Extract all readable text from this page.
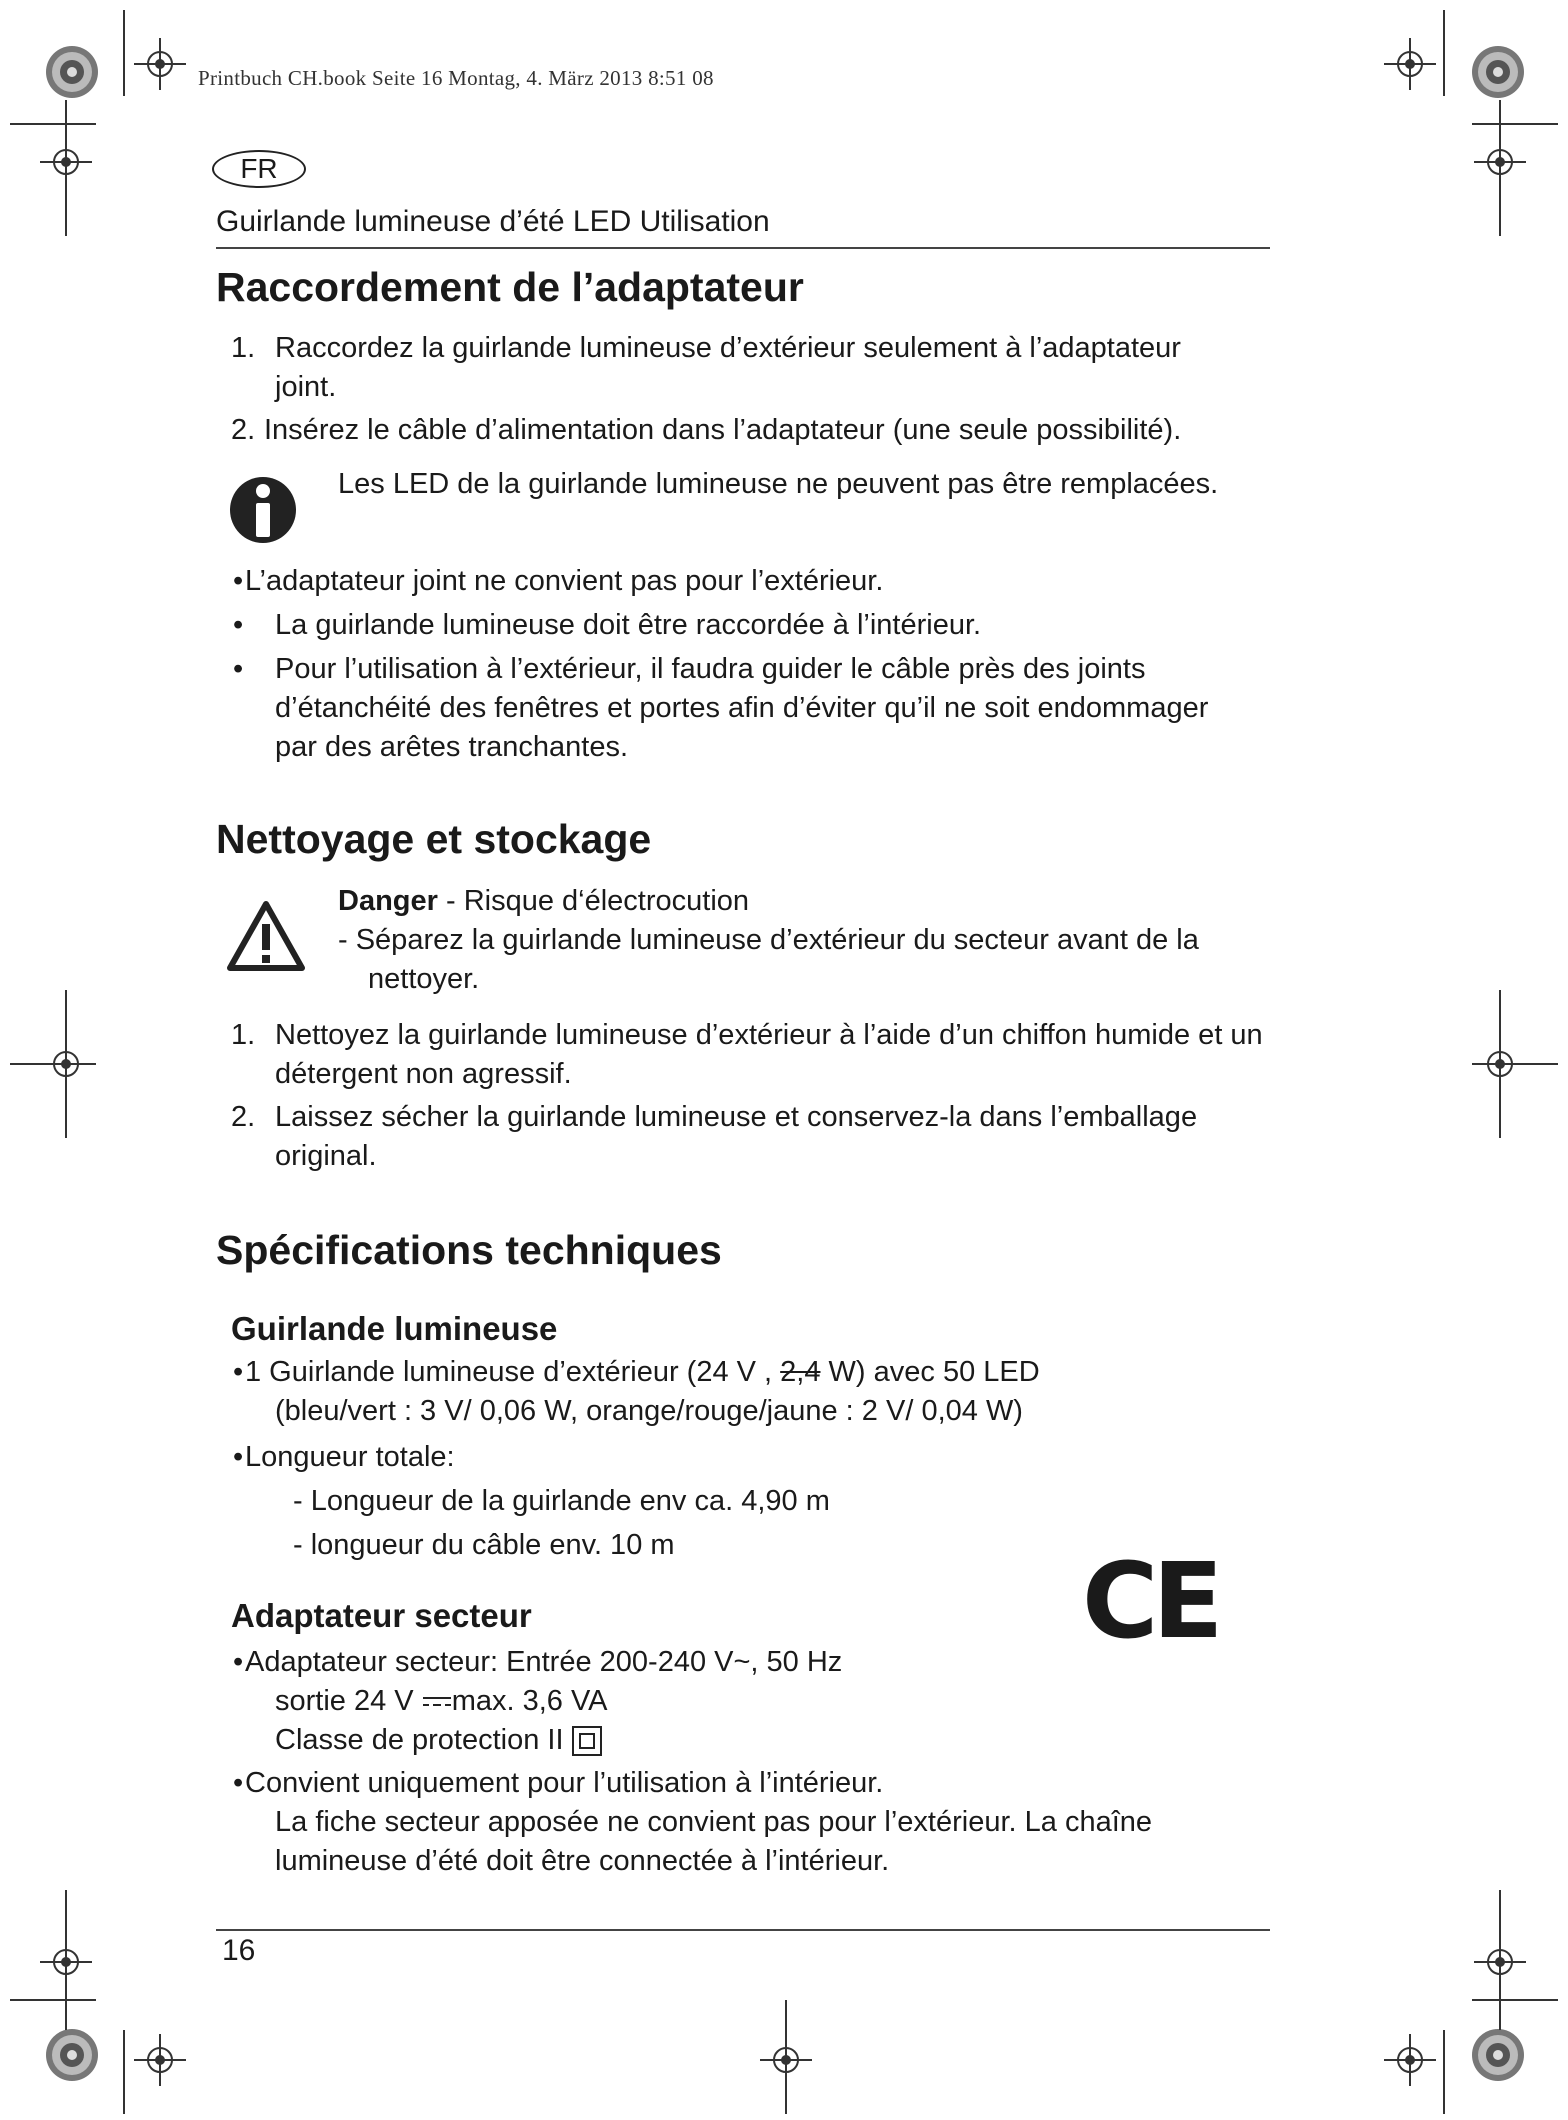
Printbuch CH.book Seite 16 Montag, 4. März 2013 8:51 08
FR
Guirlande lumineuse d’été LED Utilisation
Raccordement de l’adaptateur
1. Raccordez la guirlande lumineuse d’extérieur seulement à l’adaptateur joint.
2. Insérez le câble d’alimentation dans l’adaptateur (une seule possibilité).
Les LED de la guirlande lumineuse ne peuvent pas être remplacées.
• L’adaptateur joint ne convient pas pour l’extérieur.
•	La guirlande lumineuse doit être raccordée à l’intérieur.
•	Pour l’utilisation à l’extérieur, il faudra guider le câble près des joints d’étanchéité des fenêtres et portes afin d’éviter qu’il ne soit endommager par des arêtes tranchantes.
Nettoyage et stockage
Danger - Risque d‘électrocution
- Séparez la guirlande lumineuse d’extérieur du secteur avant de la nettoyer.
1. Nettoyez la guirlande lumineuse d’extérieur à l’aide d’un chiffon humide et un détergent non agressif.
2. Laissez sécher la guirlande lumineuse et conservez-la dans l’emballage original.
Spécifications techniques
Guirlande lumineuse
• 1 Guirlande lumineuse d’extérieur (24 V , 2,4 W) avec 50 LED
(bleu/vert : 3 V/ 0,06 W, orange/rouge/jaune : 2 V/ 0,04 W)
• Longueur totale:
- Longueur de la guirlande env ca. 4,90 m
- longueur du câble env. 10 m	CE
Adaptateur secteur
• Adaptateur secteur: Entrée 200-240 V~, 50 Hz
sortie 24 V max. 3,6 VA
Classe de protection II
• Convient uniquement pour l’utilisation à l’intérieur.
La fiche secteur apposée ne convient pas pour l’extérieur. La chaîne lumineuse d’été doit être connectée à l’intérieur.
16
